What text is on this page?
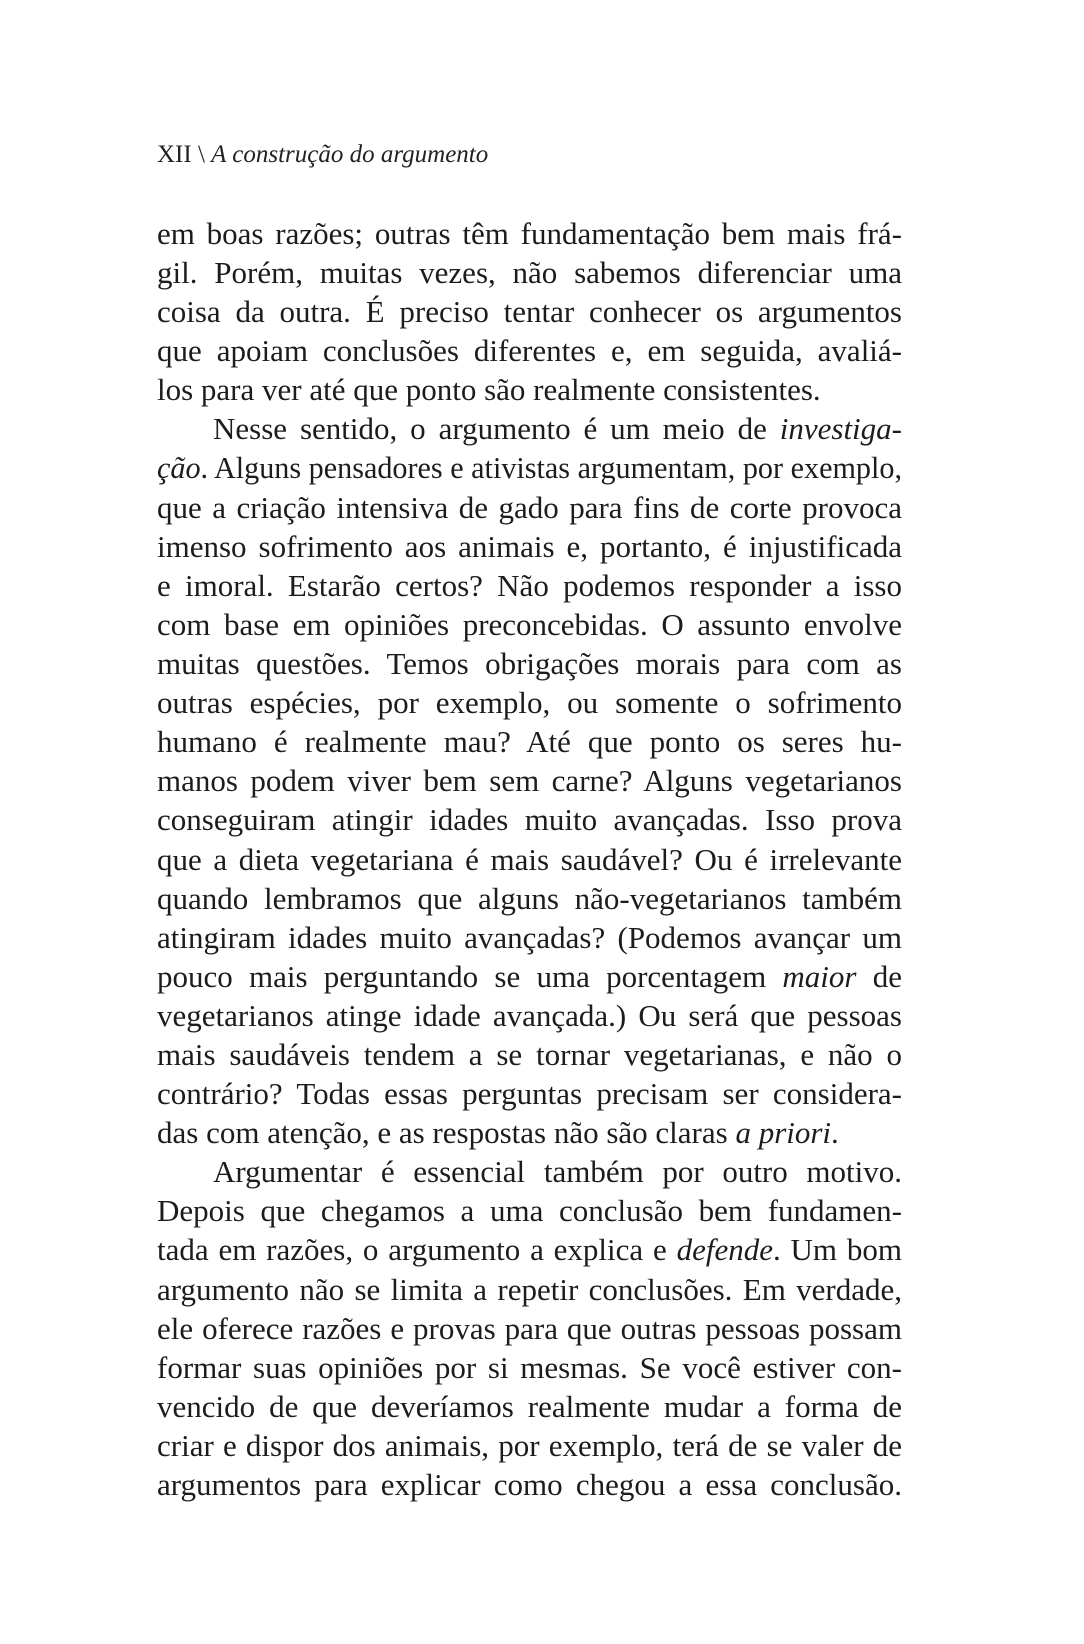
XII \ A construção do argumento
em boas razões; outras têm fundamentação bem mais frá-
gil. Porém, muitas vezes, não sabemos diferenciar uma
coisa da outra. É preciso tentar conhecer os argumentos
que apoiam conclusões diferentes e, em seguida, avaliá-
los para ver até que ponto são realmente consistentes.
Nesse sentido, o argumento é um meio de investiga-
ção. Alguns pensadores e ativistas argumentam, por exemplo,
que a criação intensiva de gado para fins de corte provoca
imenso sofrimento aos animais e, portanto, é injustificada
e imoral. Estarão certos? Não podemos responder a isso
com base em opiniões preconcebidas. O assunto envolve
muitas questões. Temos obrigações morais para com as
outras espécies, por exemplo, ou somente o sofrimento
humano é realmente mau? Até que ponto os seres hu-
manos podem viver bem sem carne? Alguns vegetarianos
conseguiram atingir idades muito avançadas. Isso prova
que a dieta vegetariana é mais saudável? Ou é irrelevante
quando lembramos que alguns não-vegetarianos também
atingiram idades muito avançadas? (Podemos avançar um
pouco mais perguntando se uma porcentagem maior de
vegetarianos atinge idade avançada.) Ou será que pessoas
mais saudáveis tendem a se tornar vegetarianas, e não o
contrário? Todas essas perguntas precisam ser considera-
das com atenção, e as respostas não são claras a priori.
Argumentar é essencial também por outro motivo.
Depois que chegamos a uma conclusão bem fundamen-
tada em razões, o argumento a explica e defende. Um bom
argumento não se limita a repetir conclusões. Em verdade,
ele oferece razões e provas para que outras pessoas possam
formar suas opiniões por si mesmas. Se você estiver con-
vencido de que deveríamos realmente mudar a forma de
criar e dispor dos animais, por exemplo, terá de se valer de
argumentos para explicar como chegou a essa conclusão.
